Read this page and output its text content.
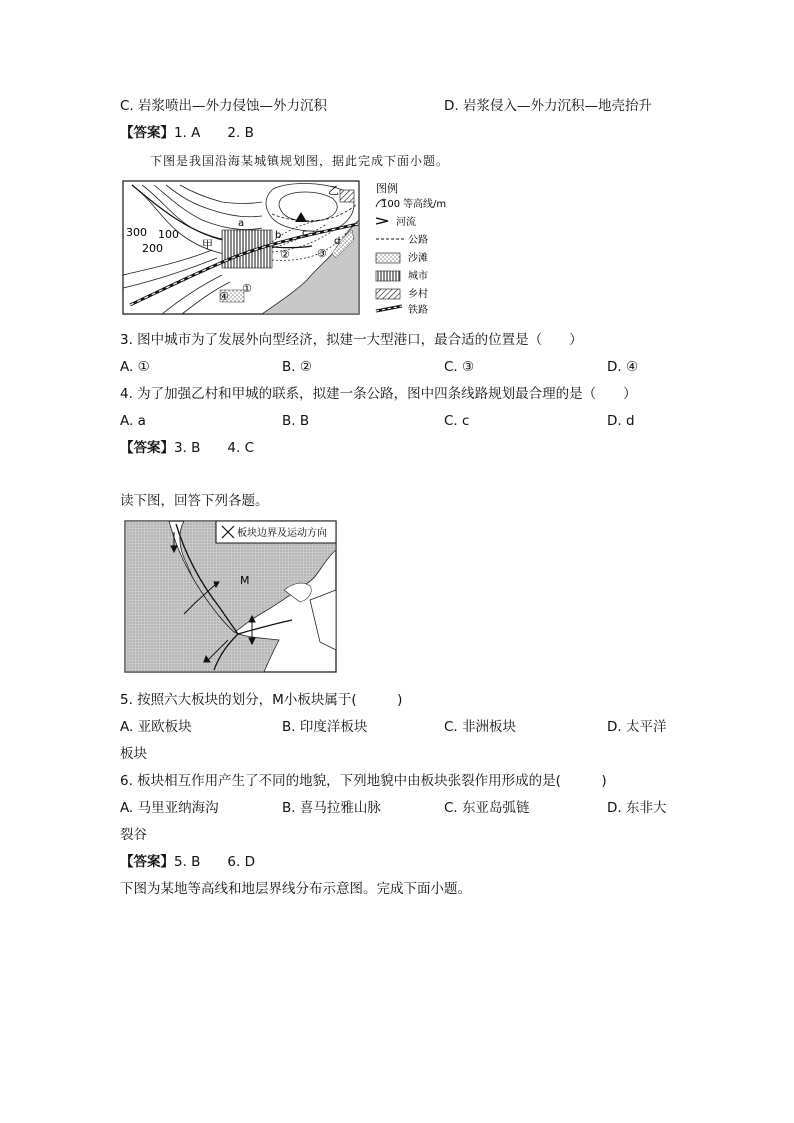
C. 岩浆喷出—外力侵蚀—外力沉积	D. 岩浆侵入—外力沉积—地壳抬升
【答案】1. A　　2. B
下图是我国沿海某城镇规划图，据此完成下面小题。
300
200
100
甲
乙
a
b c
d
①
② ③
④
图例
100 等高线/m
河流
公路
沙滩
城市
乡村
铁路
3. 图中城市为了发展外向型经济，拟建一大型港口，最合适的位置是（　　）
A. ①	B. ②	C. ③	D. ④
4. 为了加强乙村和甲城的联系，拟建一条公路，图中四条线路规划最合理的是（　　）
A. a	B. B	C. c	D. d
【答案】3. B　　4. C
读下图，回答下列各题。
板块边界及运动方向
M
5. 按照六大板块的划分，M小板块属于(　　　)
A. 亚欧板块	B. 印度洋板块	C. 非洲板块	D. 太平洋
板块
6. 板块相互作用产生了不同的地貌，下列地貌中由板块张裂作用形成的是(　　　)
A. 马里亚纳海沟	B. 喜马拉雅山脉	C. 东亚岛弧链	D. 东非大
裂谷
【答案】5. B　　6. D
下图为某地等高线和地层界线分布示意图。完成下面小题。
